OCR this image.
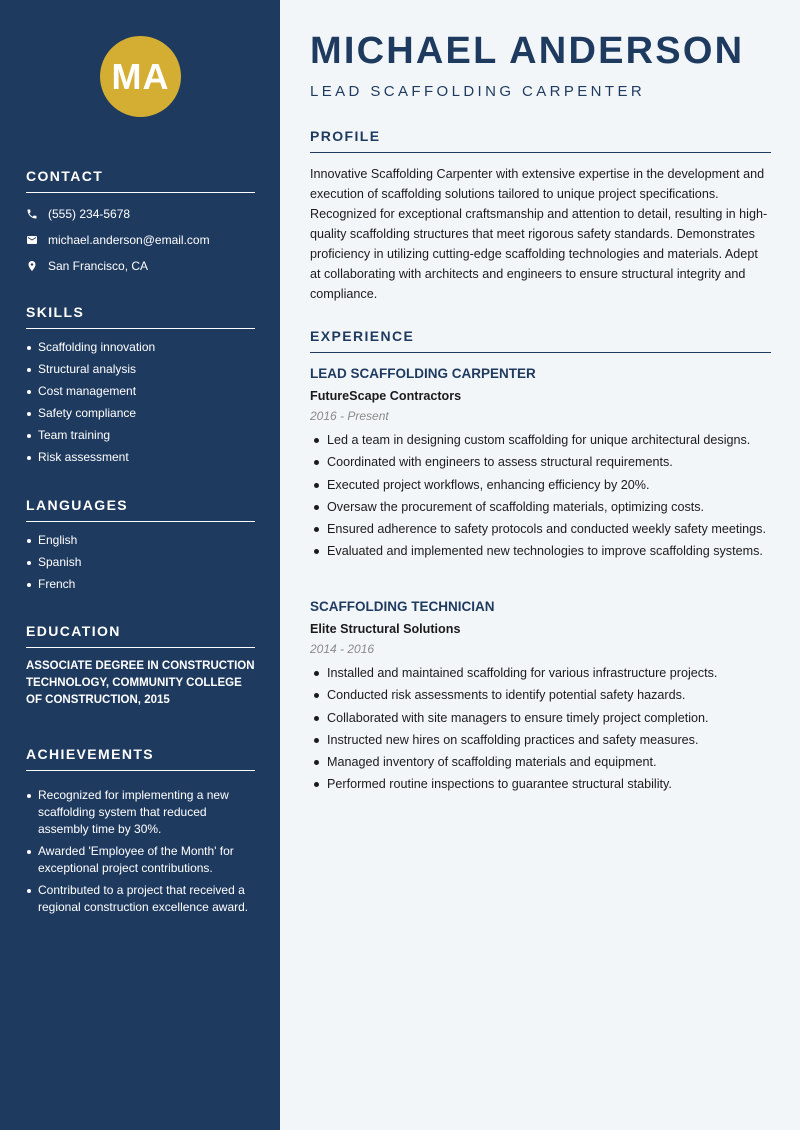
MA
CONTACT
(555) 234-5678
michael.anderson@email.com
San Francisco, CA
SKILLS
Scaffolding innovation
Structural analysis
Cost management
Safety compliance
Team training
Risk assessment
LANGUAGES
English
Spanish
French
EDUCATION
ASSOCIATE DEGREE IN CONSTRUCTION TECHNOLOGY, COMMUNITY COLLEGE OF CONSTRUCTION, 2015
ACHIEVEMENTS
Recognized for implementing a new scaffolding system that reduced assembly time by 30%.
Awarded 'Employee of the Month' for exceptional project contributions.
Contributed to a project that received a regional construction excellence award.
MICHAEL ANDERSON
LEAD SCAFFOLDING CARPENTER
PROFILE
Innovative Scaffolding Carpenter with extensive expertise in the development and execution of scaffolding solutions tailored to unique project specifications. Recognized for exceptional craftsmanship and attention to detail, resulting in high-quality scaffolding structures that meet rigorous safety standards. Demonstrates proficiency in utilizing cutting-edge scaffolding technologies and materials. Adept at collaborating with architects and engineers to ensure structural integrity and compliance.
EXPERIENCE
LEAD SCAFFOLDING CARPENTER
FutureScape Contractors
2016 - Present
Led a team in designing custom scaffolding for unique architectural designs.
Coordinated with engineers to assess structural requirements.
Executed project workflows, enhancing efficiency by 20%.
Oversaw the procurement of scaffolding materials, optimizing costs.
Ensured adherence to safety protocols and conducted weekly safety meetings.
Evaluated and implemented new technologies to improve scaffolding systems.
SCAFFOLDING TECHNICIAN
Elite Structural Solutions
2014 - 2016
Installed and maintained scaffolding for various infrastructure projects.
Conducted risk assessments to identify potential safety hazards.
Collaborated with site managers to ensure timely project completion.
Instructed new hires on scaffolding practices and safety measures.
Managed inventory of scaffolding materials and equipment.
Performed routine inspections to guarantee structural stability.
